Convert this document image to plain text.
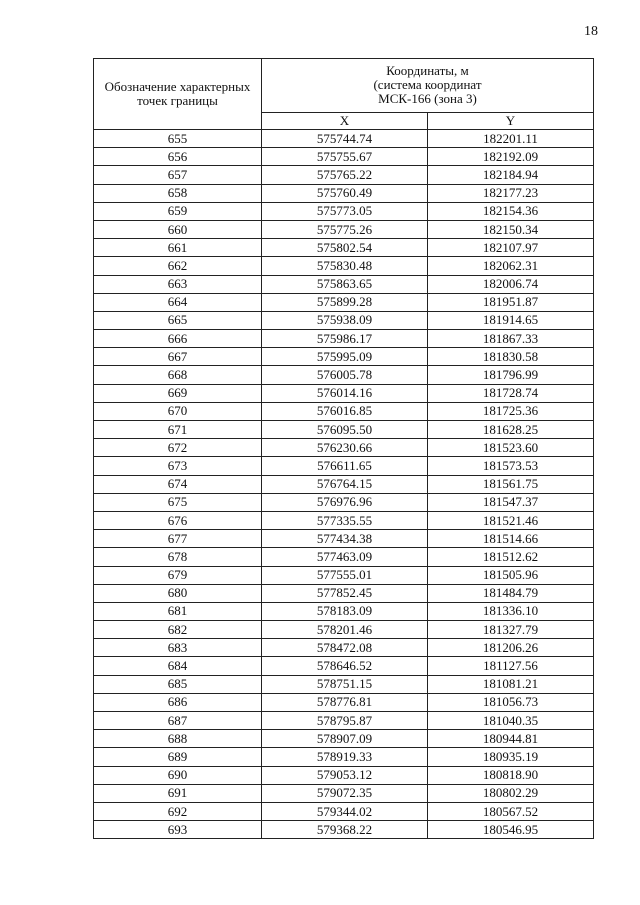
18
Обозначение характерных точек границы	Координаты, м
(система координат
МСК-166 (зона 3)	

	X	Y
655	575744.74	182201.11
656	575755.67	182192.09
657	575765.22	182184.94
658	575760.49	182177.23
659	575773.05	182154.36
660	575775.26	182150.34
661	575802.54	182107.97
662	575830.48	182062.31
663	575863.65	182006.74
664	575899.28	181951.87
665	575938.09	181914.65
666	575986.17	181867.33
667	575995.09	181830.58
668	576005.78	181796.99
669	576014.16	181728.74
670	576016.85	181725.36
671	576095.50	181628.25
672	576230.66	181523.60
673	576611.65	181573.53
674	576764.15	181561.75
675	576976.96	181547.37
676	577335.55	181521.46
677	577434.38	181514.66
678	577463.09	181512.62
679	577555.01	181505.96
680	577852.45	181484.79
681	578183.09	181336.10
682	578201.46	181327.79
683	578472.08	181206.26
684	578646.52	181127.56
685	578751.15	181081.21
686	578776.81	181056.73
687	578795.87	181040.35
688	578907.09	180944.81
689	578919.33	180935.19
690	579053.12	180818.90
691	579072.35	180802.29
692	579344.02	180567.52
693	579368.22	180546.95
